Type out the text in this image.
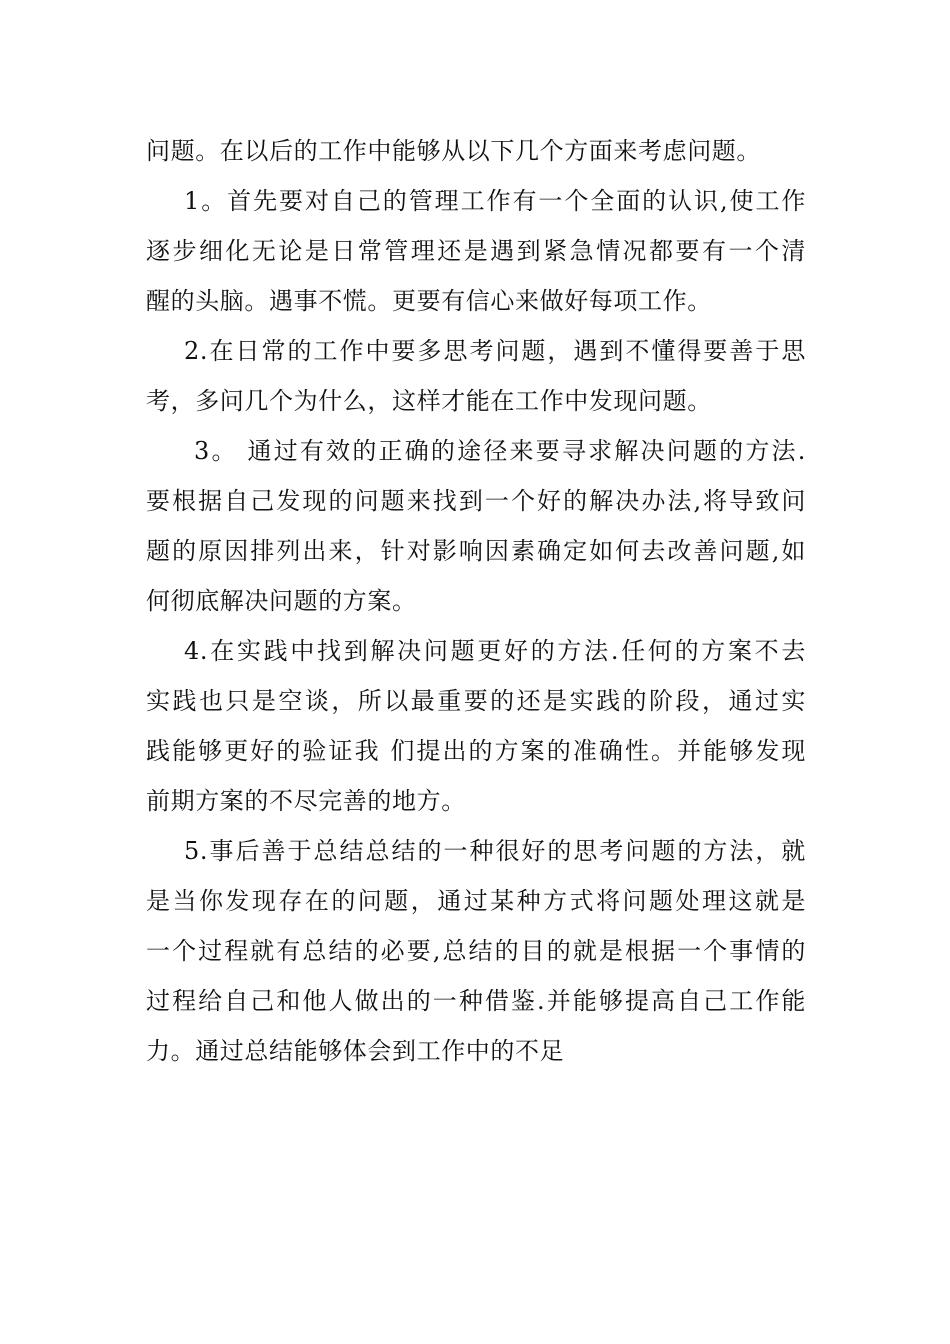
问题。在以后的工作中能够从以下几个方面来考虑问题。
1。首先要对自己的管理工作有一个全面的认识,使工作
逐步细化无论是日常管理还是遇到紧急情况都要有一个清
醒的头脑。遇事不慌。更要有信心来做好每项工作。
2.在日常的工作中要多思考问题，遇到不懂得要善于思
考，多问几个为什么，这样才能在工作中发现问题。
3。 通过有效的正确的途径来要寻求解决问题的方法.
要根据自己发现的问题来找到一个好的解决办法,将导致问
题的原因排列出来，针对影响因素确定如何去改善问题,如
何彻底解决问题的方案。
4.在实践中找到解决问题更好的方法.任何的方案不去
实践也只是空谈，所以最重要的还是实践的阶段，通过实
践能够更好的验证我 们提出的方案的准确性。并能够发现
前期方案的不尽完善的地方。
5.事后善于总结总结的一种很好的思考问题的方法，就
是当你发现存在的问题，通过某种方式将问题处理这就是
一个过程就有总结的必要,总结的目的就是根据一个事情的
过程给自己和他人做出的一种借鉴.并能够提高自己工作能
力。通过总结能够体会到工作中的不足
